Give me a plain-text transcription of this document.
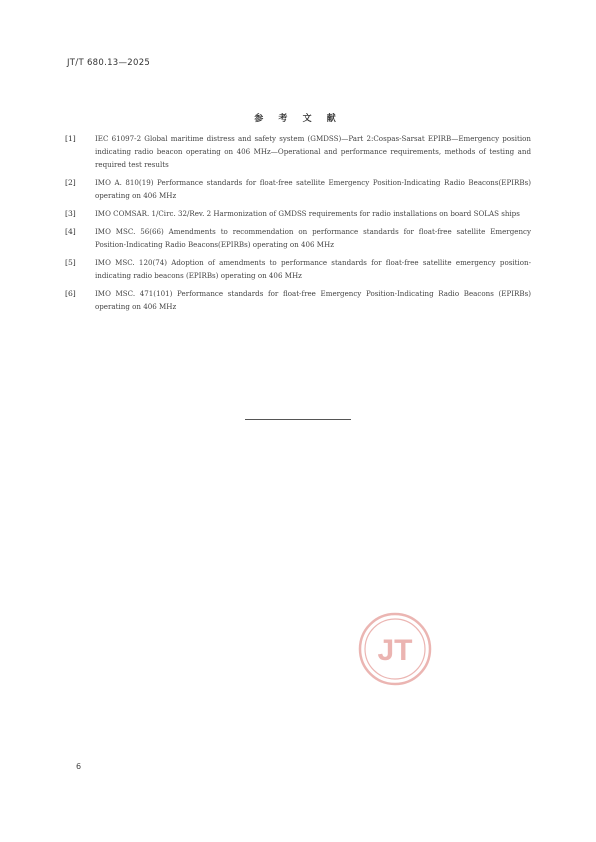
JT/T 680.13—2025
参 考 文 献
[1]	IEC 61097-2 Global maritime distress and safety system (GMDSS)—Part 2:Cospas-Sarsat EPIRB—Emergency position indicating radio beacon operating on 406 MHz—Operational and performance requirements, methods of testing and required test results
[2]	IMO A. 810(19) Performance standards for float-free satellite Emergency Position-Indicating Radio Beacons(EPIRBs) operating on 406 MHz
[3]	IMO COMSAR. 1/Circ. 32/Rev. 2 Harmonization of GMDSS requirements for radio installations on board SOLAS ships
[4]	IMO MSC. 56(66) Amendments to recommendation on performance standards for float-free satellite Emergency Position-Indicating Radio Beacons(EPIRBs) operating on 406 MHz
[5]	IMO MSC. 120(74) Adoption of amendments to performance standards for float-free satellite emergency position-indicating radio beacons (EPIRBs) operating on 406 MHz
[6]	IMO MSC. 471(101) Performance standards for float-free Emergency Position-Indicating Radio Beacons (EPIRBs) operating on 406 MHz
JT
6
